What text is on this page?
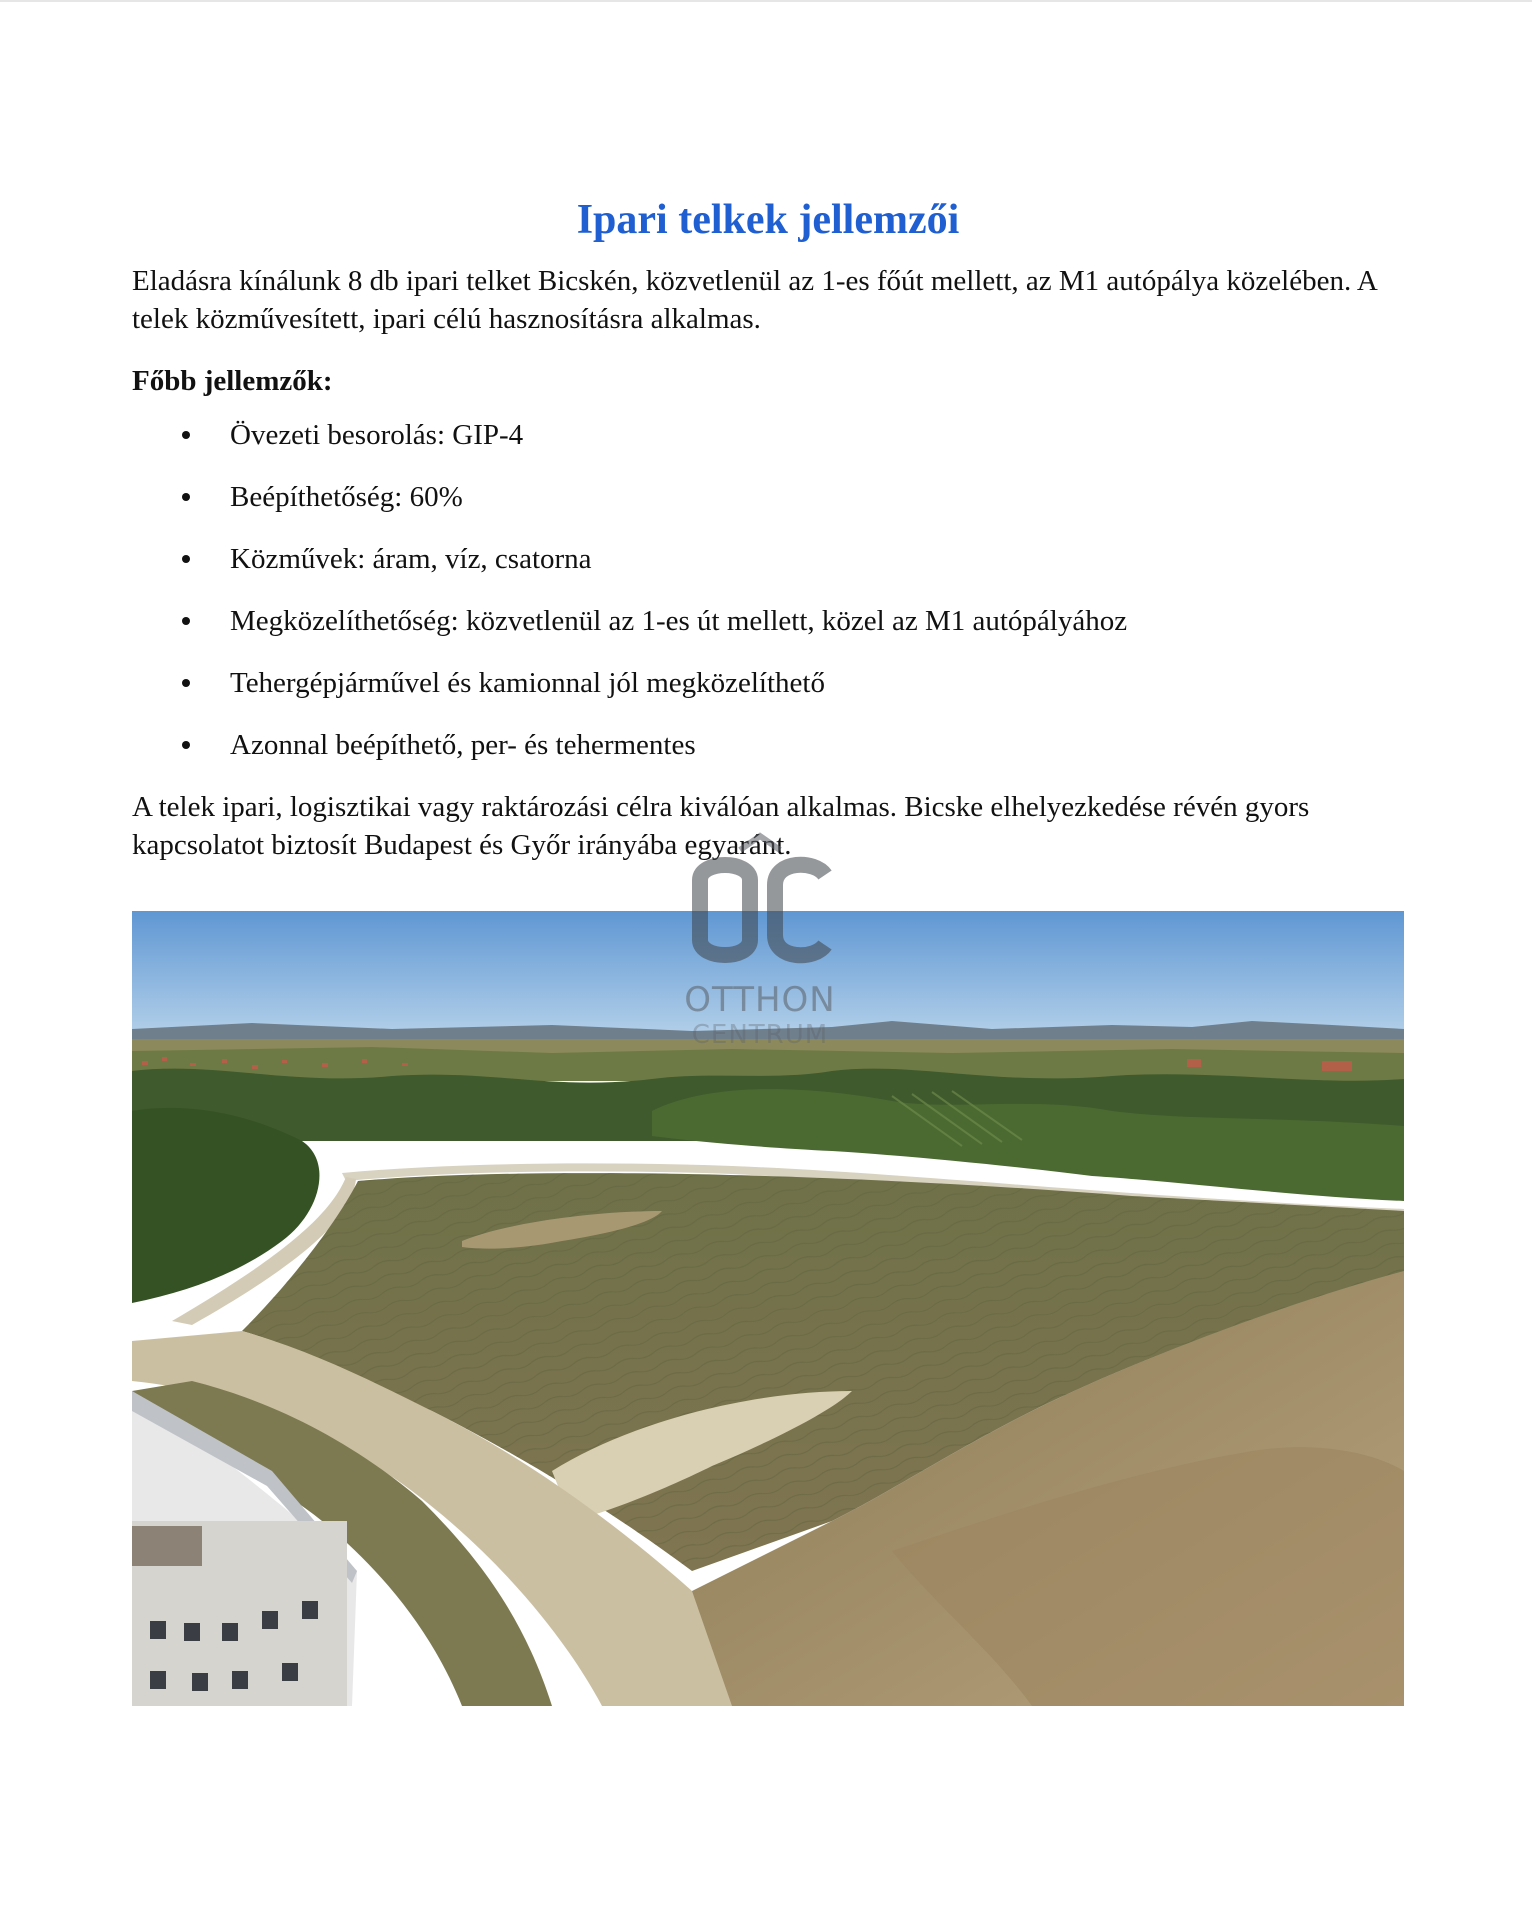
Ipari telkek jellemzői

Eladásra kínálunk 8 db ipari telket Bicskén, közvetlenül az 1-es főút mellett, az M1 autópálya közelében. A telek közművesített, ipari célú hasznosításra alkalmas.

Főbb jellemzők:

Övezeti besorolás: GIP-4
Beépíthetőség: 60%
Közművek: áram, víz, csatorna
Megközelíthetőség: közvetlenül az 1-es út mellett, közel az M1 autópályához
Tehergépjárművel és kamionnal jól megközelíthető
Azonnal beépíthető, per- és tehermentes

A telek ipari, logisztikai vagy raktározási célra kiválóan alkalmas. Bicske elhelyezkedése révén gyors kapcsolatot biztosít Budapest és Győr irányába egyaránt.

OTTHON
CENTRUM
